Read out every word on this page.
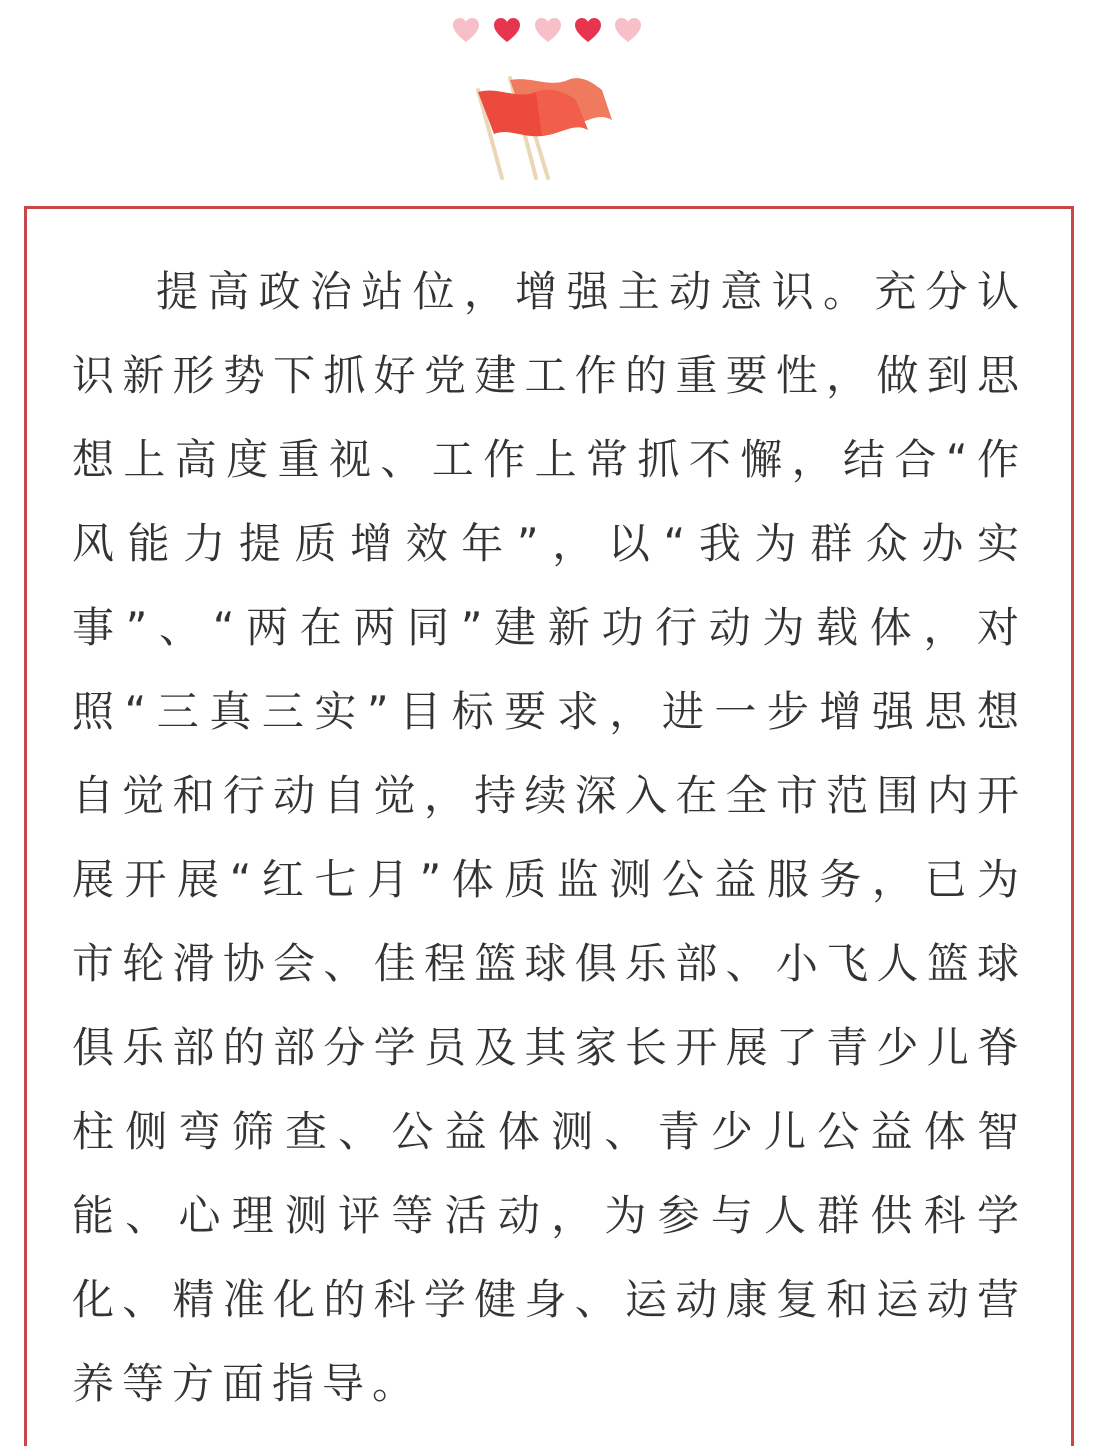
提高政治站位，增强主动意识。充分认识新形势下抓好党建工作的重要性，做到思想上高度重视、工作上常抓不懈，结合“作风能力提质增效年”，以“我为群众办实事”、“两在两同”建新功行动为载体，对照“三真三实”目标要求，进一步增强思想自觉和行动自觉，持续深入在全市范围内开展开展“红七月”体质监测公益服务，已为市轮滑协会、佳程篮球俱乐部、小飞人篮球俱乐部的部分学员及其家长开展了青少儿脊柱侧弯筛查、公益体测、青少儿公益体智能、心理测评等活动，为参与人群供科学化、精准化的科学健身、运动康复和运动营养等方面指导。
